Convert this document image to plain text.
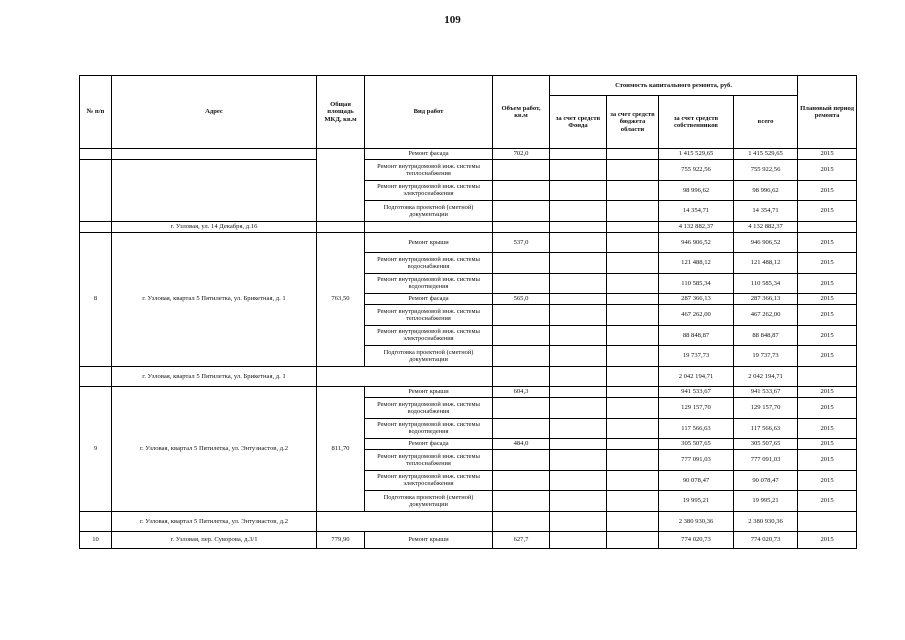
109
№ п/п	Адрес	Общая площадь МКД, кв.м	Вид работ	Объем работ, кв.м	Стоимость капитального ремонта, руб.				Плановый период ремонта
					за счет средств Фонда	за счет средств бюджета области	за счет средств собственников	всего	
			Ремонт фасада	702,0			1 415 529,65	1 415 529,65	2015
			Ремонт внутридомовой инж. системы теплоснабжения				755 922,56	755 922,56	2015
			Ремонт внутридомовой инж. системы электроснабжения				98 996,62	98 996,62	2015
			Подготовка проектной (сметной) документации				14 354,71	14 354,71	2015
	г. Узловая, ул. 14 Декабря, д.16						4 132 882,37	4 132 882,37	
8	г. Узловая, квартал 5 Пятилетка, ул. Брикетная, д. 1	763,50	Ремонт крыши	537,0			946 906,52	946 906,52	2015
			Ремонт внутридомовой инж. системы водоснабжения				121 488,12	121 488,12	2015
			Ремонт внутридомовой инж. системы водоотведения				110 585,34	110 585,34	2015
			Ремонт фасада	565,0			287 366,13	287 366,13	2015
			Ремонт внутридомовой инж. системы теплоснабжения				467 262,00	467 262,00	2015
			Ремонт внутридомовой инж. системы электроснабжения				88 848,87	88 848,87	2015
			Подготовка проектной (сметной) документации				19 737,73	19 737,73	2015
	г. Узловая, квартал 5 Пятилетка, ул. Брикетная, д. 1						2 042 194,71	2 042 194,71	
9	г. Узловая, квартал 5 Пятилетка, ул. Энтузиастов, д.2	811,70	Ремонт крыши	604,3			941 533,67	941 533,67	2015
			Ремонт внутридомовой инж. системы водоснабжения				129 157,70	129 157,70	2015
			Ремонт внутридомовой инж. системы водоотведения				117 566,63	117 566,63	2015
			Ремонт фасада	484,0			305 507,65	305 507,65	2015
			Ремонт внутридомовой инж. системы теплоснабжения				777 091,03	777 091,03	2015
			Ремонт внутридомовой инж. системы электроснабжения				90 078,47	90 078,47	2015
			Подготовка проектной (сметной) документации				19 995,21	19 995,21	2015
	г. Узловая, квартал 5 Пятилетка, ул. Энтузиастов, д.2						2 380 930,36	2 380 930,36	
10	г. Узловая, пер. Суворова, д.3/1	779,90	Ремонт крыши	627,7			774 020,73	774 020,73	2015
